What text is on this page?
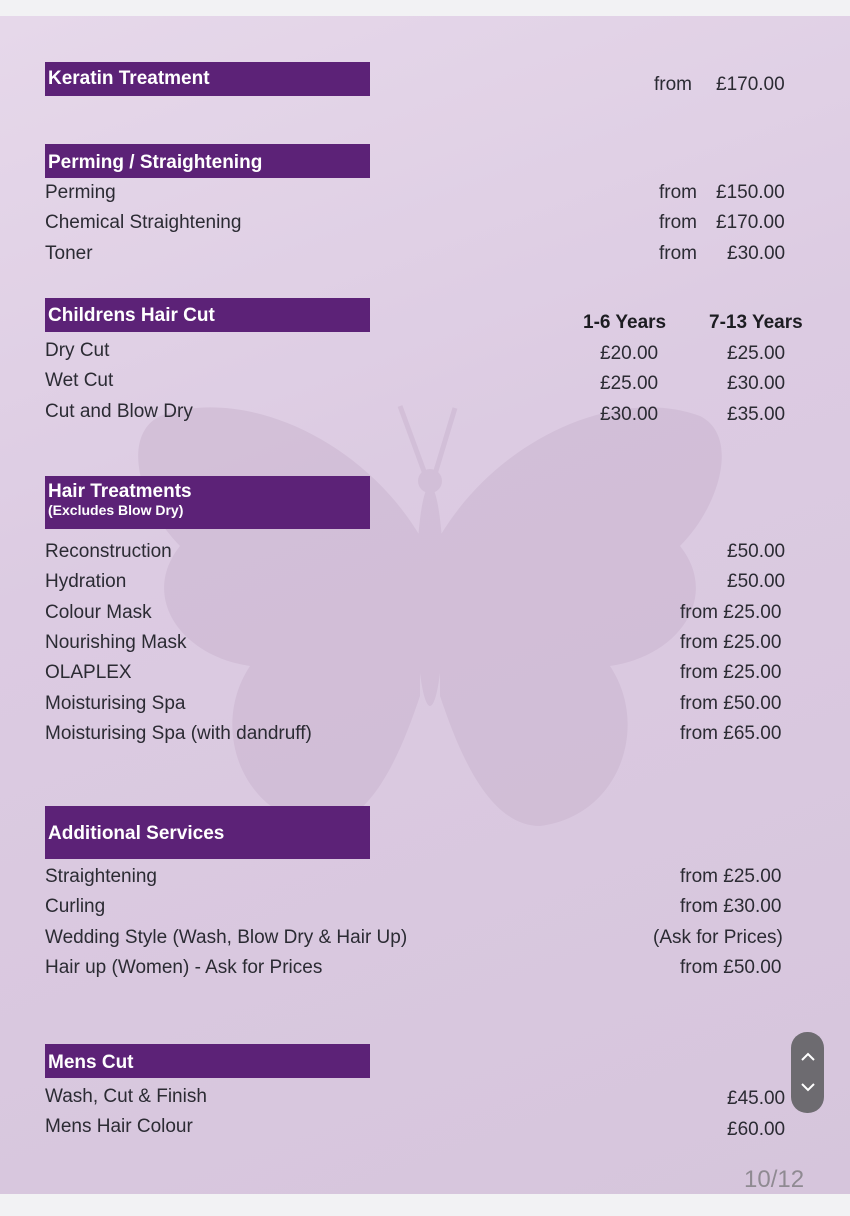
Keratin Treatment	from £170.00
Perming / Straightening
Perming	from £150.00
Chemical Straightening	from £170.00
Toner	from £30.00
Childrens Hair Cut	1-6 Years 7-13 Years
Dry Cut	£20.00	£25.00
Wet Cut	£25.00	£30.00
Cut and Blow Dry	£30.00	£35.00
Hair Treatments
(Excludes Blow Dry)
Reconstruction	£50.00
Hydration	£50.00
Colour Mask	from £25.00
Nourishing Mask	from £25.00
OLAPLEX	from £25.00
Moisturising Spa	from £50.00
Moisturising Spa (with dandruff)	from £65.00
Additional Services
Straightening	from £25.00
Curling	from £30.00
Wedding Style (Wash, Blow Dry & Hair Up)	(Ask for Prices)
Hair up (Women) - Ask for Prices	from £50.00
Mens Cut
Wash, Cut & Finish	£45.00
Mens Hair Colour	£60.00
10/12
